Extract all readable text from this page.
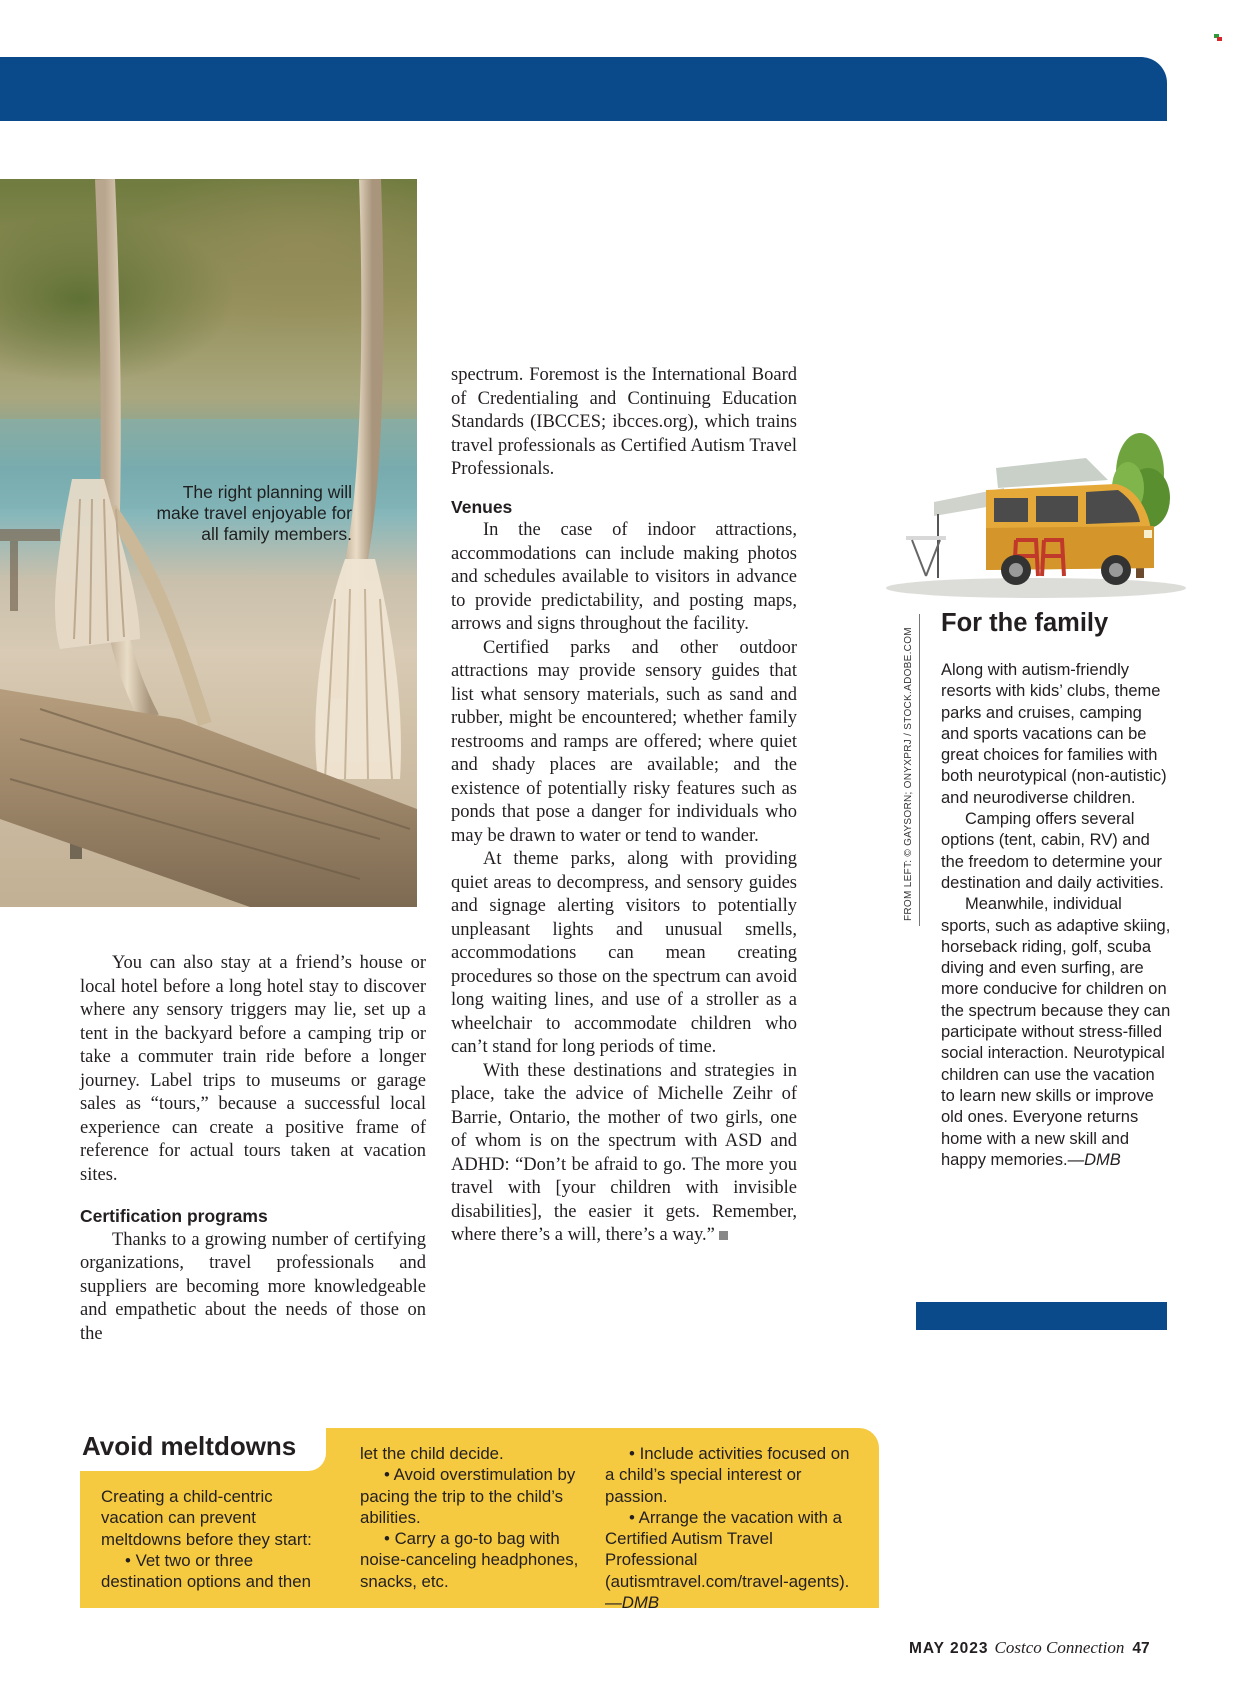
The right planning will make travel enjoyable for all family members.

You can also stay at a friend’s house or local hotel before a long hotel stay to discover where any sensory triggers may lie, set up a tent in the backyard before a camping trip or take a commuter train ride before a longer journey. Label trips to museums or garage sales as “tours,” because a successful local experience can create a positive frame of reference for actual tours taken at vacation sites.

Certification programs

Thanks to a growing number of certifying organizations, travel professionals and suppliers are becoming more knowledgeable and empathetic about the needs of those on the

spectrum. Foremost is the International Board of Credentialing and Continuing Education Standards (IBCCES; ibcces.org), which trains travel professionals as Certified Autism Travel Professionals.

Venues

In the case of indoor attractions, accommodations can include making photos and schedules available to visitors in advance to provide predictability, and posting maps, arrows and signs throughout the facility.

Certified parks and other outdoor attractions may provide sensory guides that list what sensory materials, such as sand and rubber, might be encountered; whether family restrooms and ramps are offered; where quiet and shady places are available; and the existence of potentially risky features such as ponds that pose a danger for individuals who may be drawn to water or tend to wander.

At theme parks, along with providing quiet areas to decompress, and sensory guides and signage alerting visitors to potentially unpleasant lights and unusual smells, accommodations can mean creating procedures so those on the spectrum can avoid long waiting lines, and use of a stroller as a wheelchair to accommodate children who can’t stand for long periods of time.

With these destinations and strategies in place, take the advice of Michelle Zeihr of Barrie, Ontario, the mother of two girls, one of whom is on the spectrum with ASD and ADHD: “Don’t be afraid to go. The more you travel with [your children with invisible disabilities], the easier it gets. Remember, where there’s a will, there’s a way.”

FROM LEFT: © GAYSORN; ONYXPRJ / STOCK.ADOBE.COM
For the family

Along with autism-friendly resorts with kids’ clubs, theme parks and cruises, camping and sports vacations can be great choices for families with both neurotypical (non-autistic) and neurodiverse children.

Camping offers several options (tent, cabin, RV) and the freedom to determine your destination and daily activities.

Meanwhile, individual sports, such as adaptive skiing, horseback riding, golf, scuba diving and even surfing, are more conducive for children on the spectrum because they can participate without stress-filled social interaction. Neurotypical children can use the vacation to learn new skills or improve old ones. Everyone returns home with a new skill and happy memories.—DMB

Avoid meltdowns

Creating a child-centric vacation can prevent meltdowns before they start:

• Vet two or three destination options and then

let the child decide.

• Avoid overstimulation by pacing the trip to the child’s abilities.

• Carry a go-to bag with noise-canceling headphones, snacks, etc.

• Include activities focused on a child’s special interest or passion.

• Arrange the vacation with a Certified Autism Travel Professional (autismtravel.com/travel-agents).—DMB

MAY 2023 Costco Connection 47
